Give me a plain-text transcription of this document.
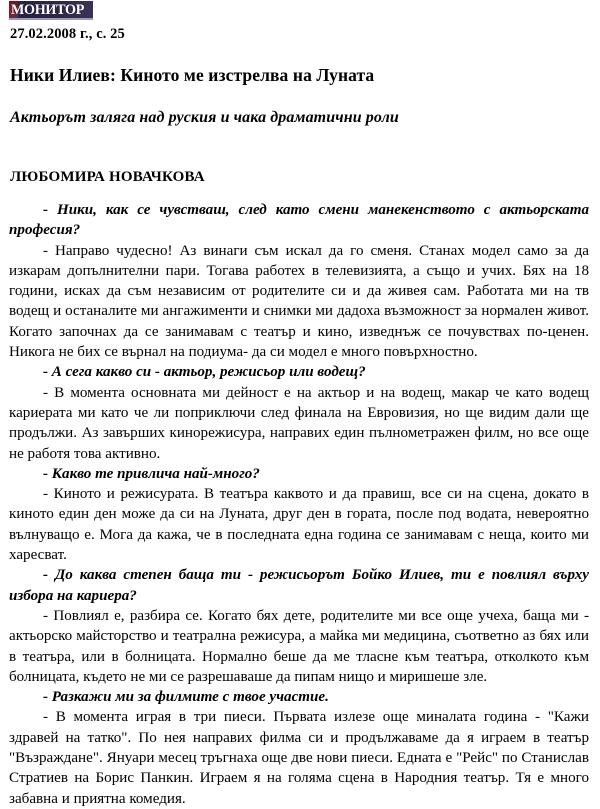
МОНИТОР
27.02.2008 г., с. 25
Ники Илиев: Киното ме изстрелва на Луната
Актьорът заляга над руския и чака драматични роли
ЛЮБОМИРА НОВАЧКОВА

- Ники, как се чувстваш, след като смени манекенството с актьорската професия?

- Направо чудесно! Аз винаги съм искал да го сменя. Станах модел само за да изкарам допълнителни пари. Тогава работех в телевизията, а също и учих. Бях на 18 години, исках да съм независим от родителите си и да живея сам. Работата ми на тв водещ и останалите ми ангажименти и снимки ми дадоха възможност за нормален живот. Когато започнах да се занимавам с театър и кино, изведнъж се почувствах по-ценен. Никога не бих се върнал на подиума- да си модел е много повърхностно.

- А сега какво си - актьор, режисьор или водещ?

- В момента основната ми дейност е на актьор и на водещ, макар че като водещ кариерата ми като че ли поприключи след финала на Евровизия, но ще видим дали ще продължи. Аз завърших кинорежисура, направих един пълнометражен филм, но все още не работя това активно.

- Какво те привлича най-много?

- Киното и режисурата. В театъра каквото и да правиш, все си на сцена, докато в киното един ден може да си на Луната, друг ден в гората, после под водата, невероятно вълнуващо е. Мога да кажа, че в последната една година се занимавам с неща, които ми харесват.

- До каква степен баща ти - режисьорът Бойко Илиев, ти е повлиял върху избора на кариера?

- Повлиял е, разбира се. Когато бях дете, родителите ми все още учеха, баща ми - актьорско майсторство и театрална режисура, а майка ми медицина, съответно аз бях или в театъра, или в болницата. Нормално беше да ме тласне към театъра, отколкото към болницата, където не ми се разрешаваше да пипам нищо и миришеше зле.

- Разкажи ми за филмите с твое участие.

- В момента играя в три пиеси. Първата излезе още миналата година - "Кажи здравей на татко". По нея направих филма си и продължаваме да я играем в театър "Възраждане". Януари месец тръгнаха още две нови пиеси. Едната е "Рейс" по Станислав Стратиев на Борис Панкин. Играем я на голяма сцена в Народния театър. Тя е много забавна и приятна комедия.
